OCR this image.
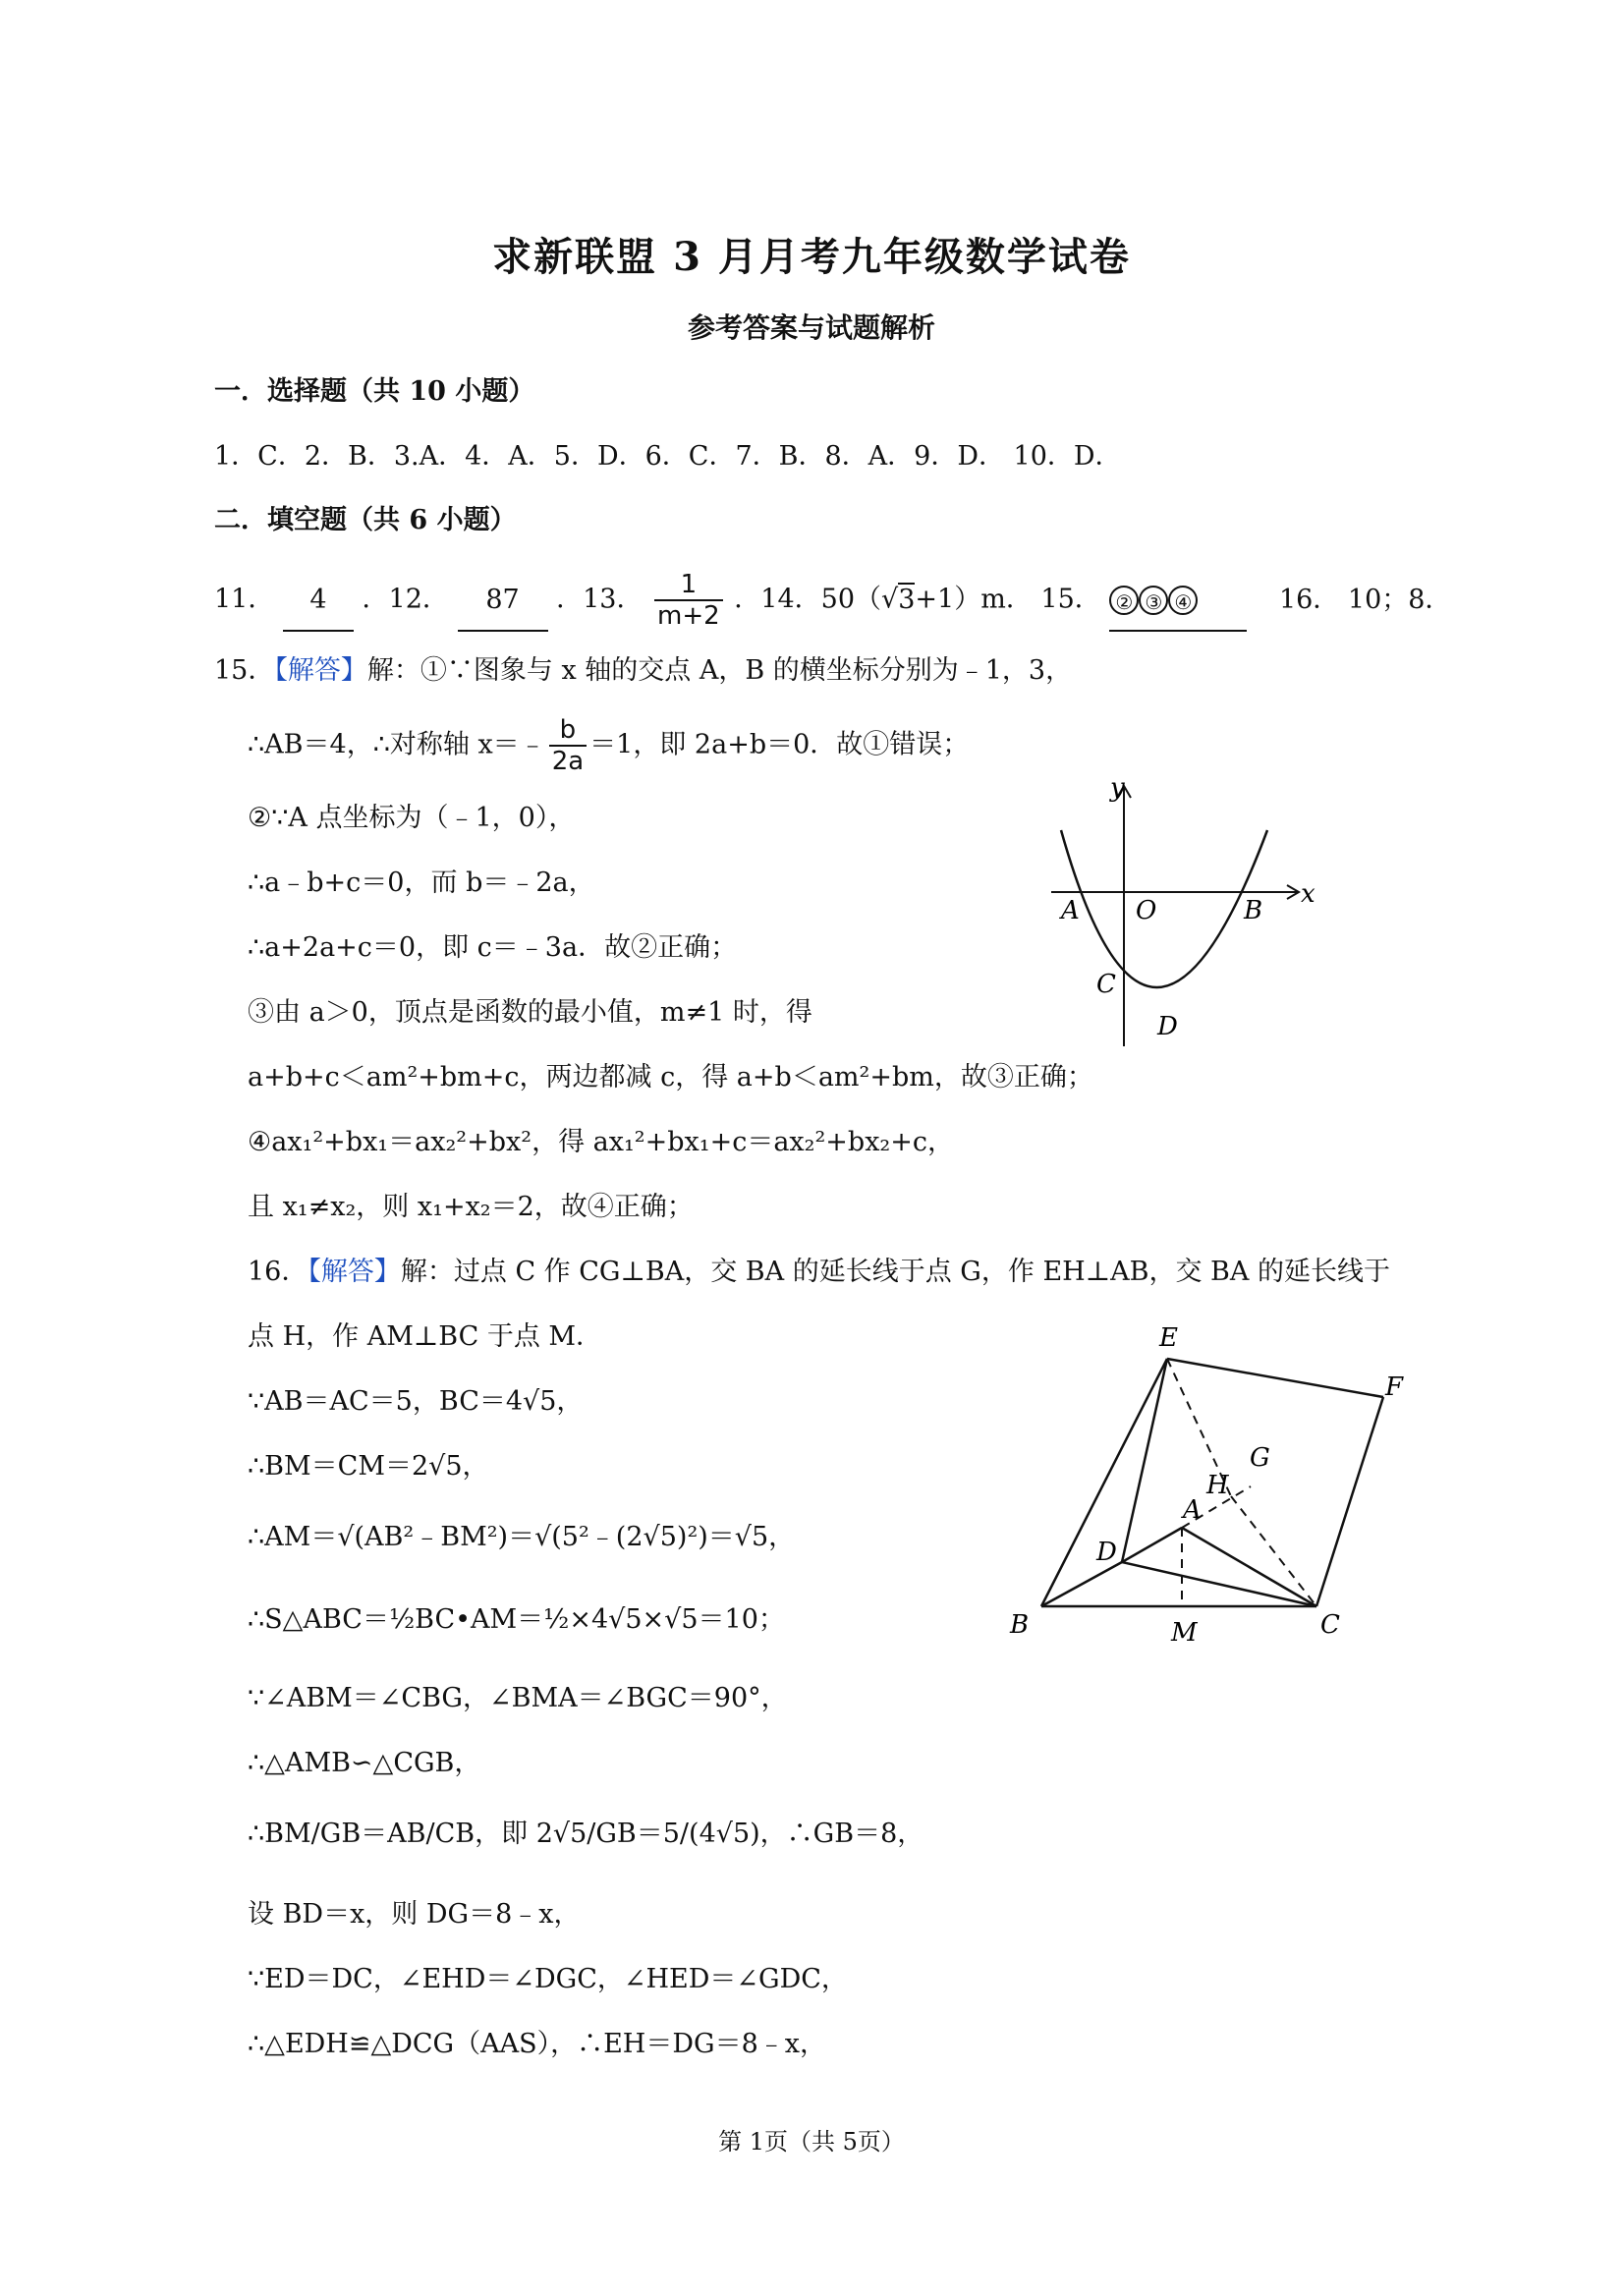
求新联盟 3 月月考九年级数学试卷
参考答案与试题解析
一．选择题（共 10 小题）
1．C．2．B．3.A．4．A．5．D．6．C．7．B．8．A．9．D． 10．D．
二．填空题（共 6 小题）
11． 4 ．12． 87 ．13． $\frac{1}{m+2}$ ．14．50（√3+1）m． 15． ② ③ ④	16． 10；8．
15．【解答】解：①∵图象与 x 轴的交点 A，B 的横坐标分别为﹣1，3，
∴AB＝4，∴对称轴 x＝﹣ $\frac{b}{2a} =1$，即 2a+b＝0．故①错误；
②∵A 点坐标为（﹣1，0），
∴a﹣b+c＝0，而 b＝﹣2a，
∴a+2a+c＝0，即 c＝﹣3a．故②正确；
③由 a＞0，顶点是函数的最小值，m≠1 时，得
a+b+c＜am²+bm+c，两边都减 c，得 a+b＜am²+bm，故③正确；
④ax₁²+bx₁＝ax₂²+bx²，得 ax₁²+bx₁+c＝ax₂²+bx₂+c，
且 x₁≠x₂，则 x₁+x₂＝2，故④正确；
y
x
A O	B
C
D
16．【解答】解：过点 C 作 CG⊥BA，交 BA 的延长线于点 G，作 EH⊥AB，交 BA 的延长线于
点 H，作 AM⊥BC 于点 M．
∵AB＝AC＝5，BC＝4√5，
∴BM＝CM＝2√5，
∴AM＝√(AB²﹣BM²)＝√(5²﹣(2√5)²)＝√5，
∴S△ABC＝½BC•AM＝½×4√5×√5＝10；
∵∠ABM＝∠CBG，∠BMA＝∠BGC＝90°，
∴△AMB∽△CGB，
∴BM/GB＝AB/CB，即 2√5/GB＝5/(4√5)，∴GB＝8，
设 BD＝x，则 DG＝8﹣x，
∵ED＝DC，∠EHD＝∠DGC，∠HED＝∠GDC，
∴△EDH≌△DCG（AAS），∴EH＝DG＝8﹣x，
E
F
G
H
A
D
B	M	C
第 1页（共 5页）
